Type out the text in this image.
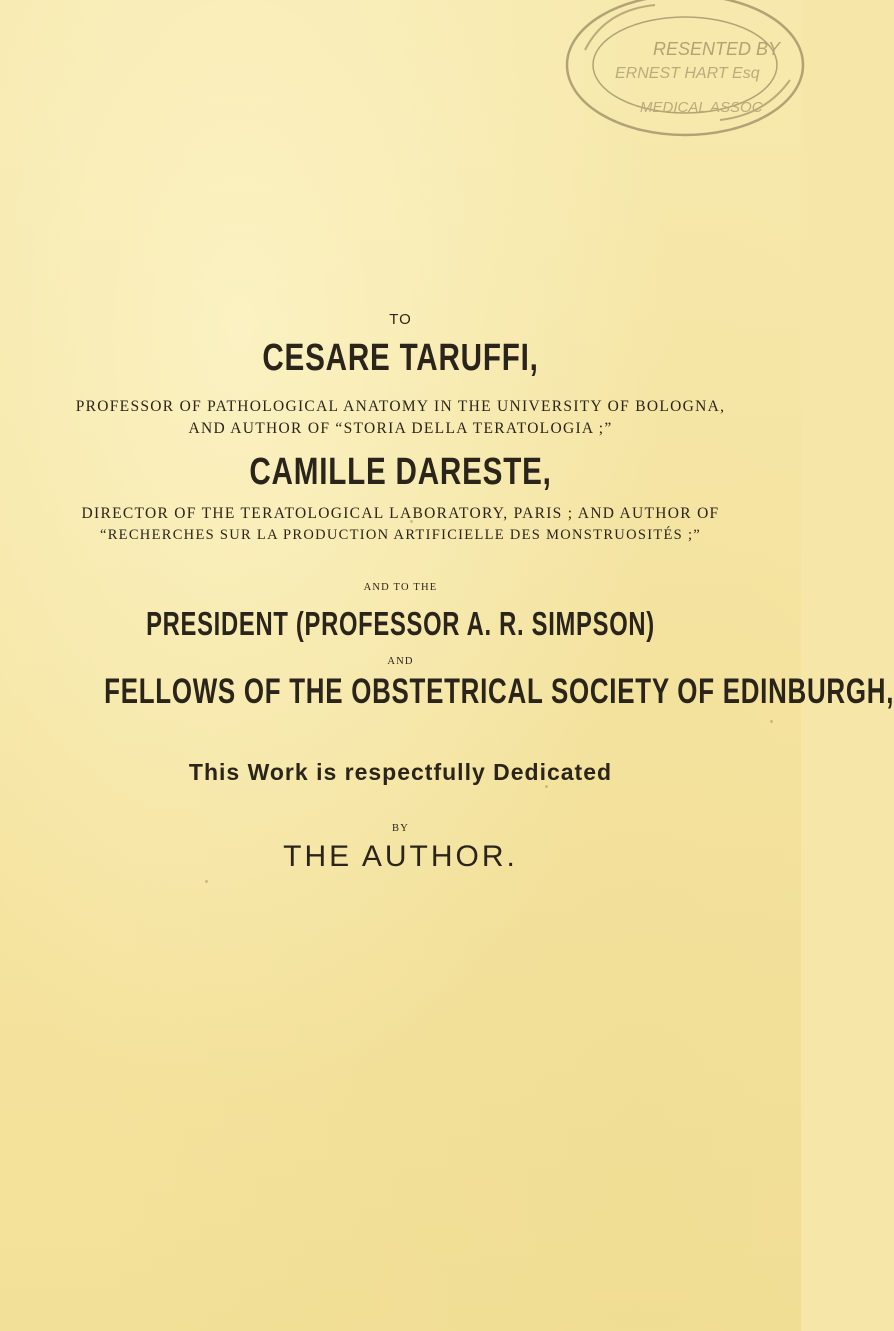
RESENTED BY
ERNEST HART Esq
MEDICAL ASSOC
TO
CESARE TARUFFI,
PROFESSOR OF PATHOLOGICAL ANATOMY IN THE UNIVERSITY OF BOLOGNA,
AND AUTHOR OF “STORIA DELLA TERATOLOGIA ;”
CAMILLE DARESTE,
DIRECTOR OF THE TERATOLOGICAL LABORATORY, PARIS ; AND AUTHOR OF
“RECHERCHES SUR LA PRODUCTION ARTIFICIELLE DES MONSTRUOSITÉS ;”
AND TO THE
PRESIDENT (PROFESSOR A. R. SIMPSON)
AND
FELLOWS OF THE OBSTETRICAL SOCIETY OF EDINBURGH,
This Work is respectfully Dedicated
BY
THE AUTHOR.
